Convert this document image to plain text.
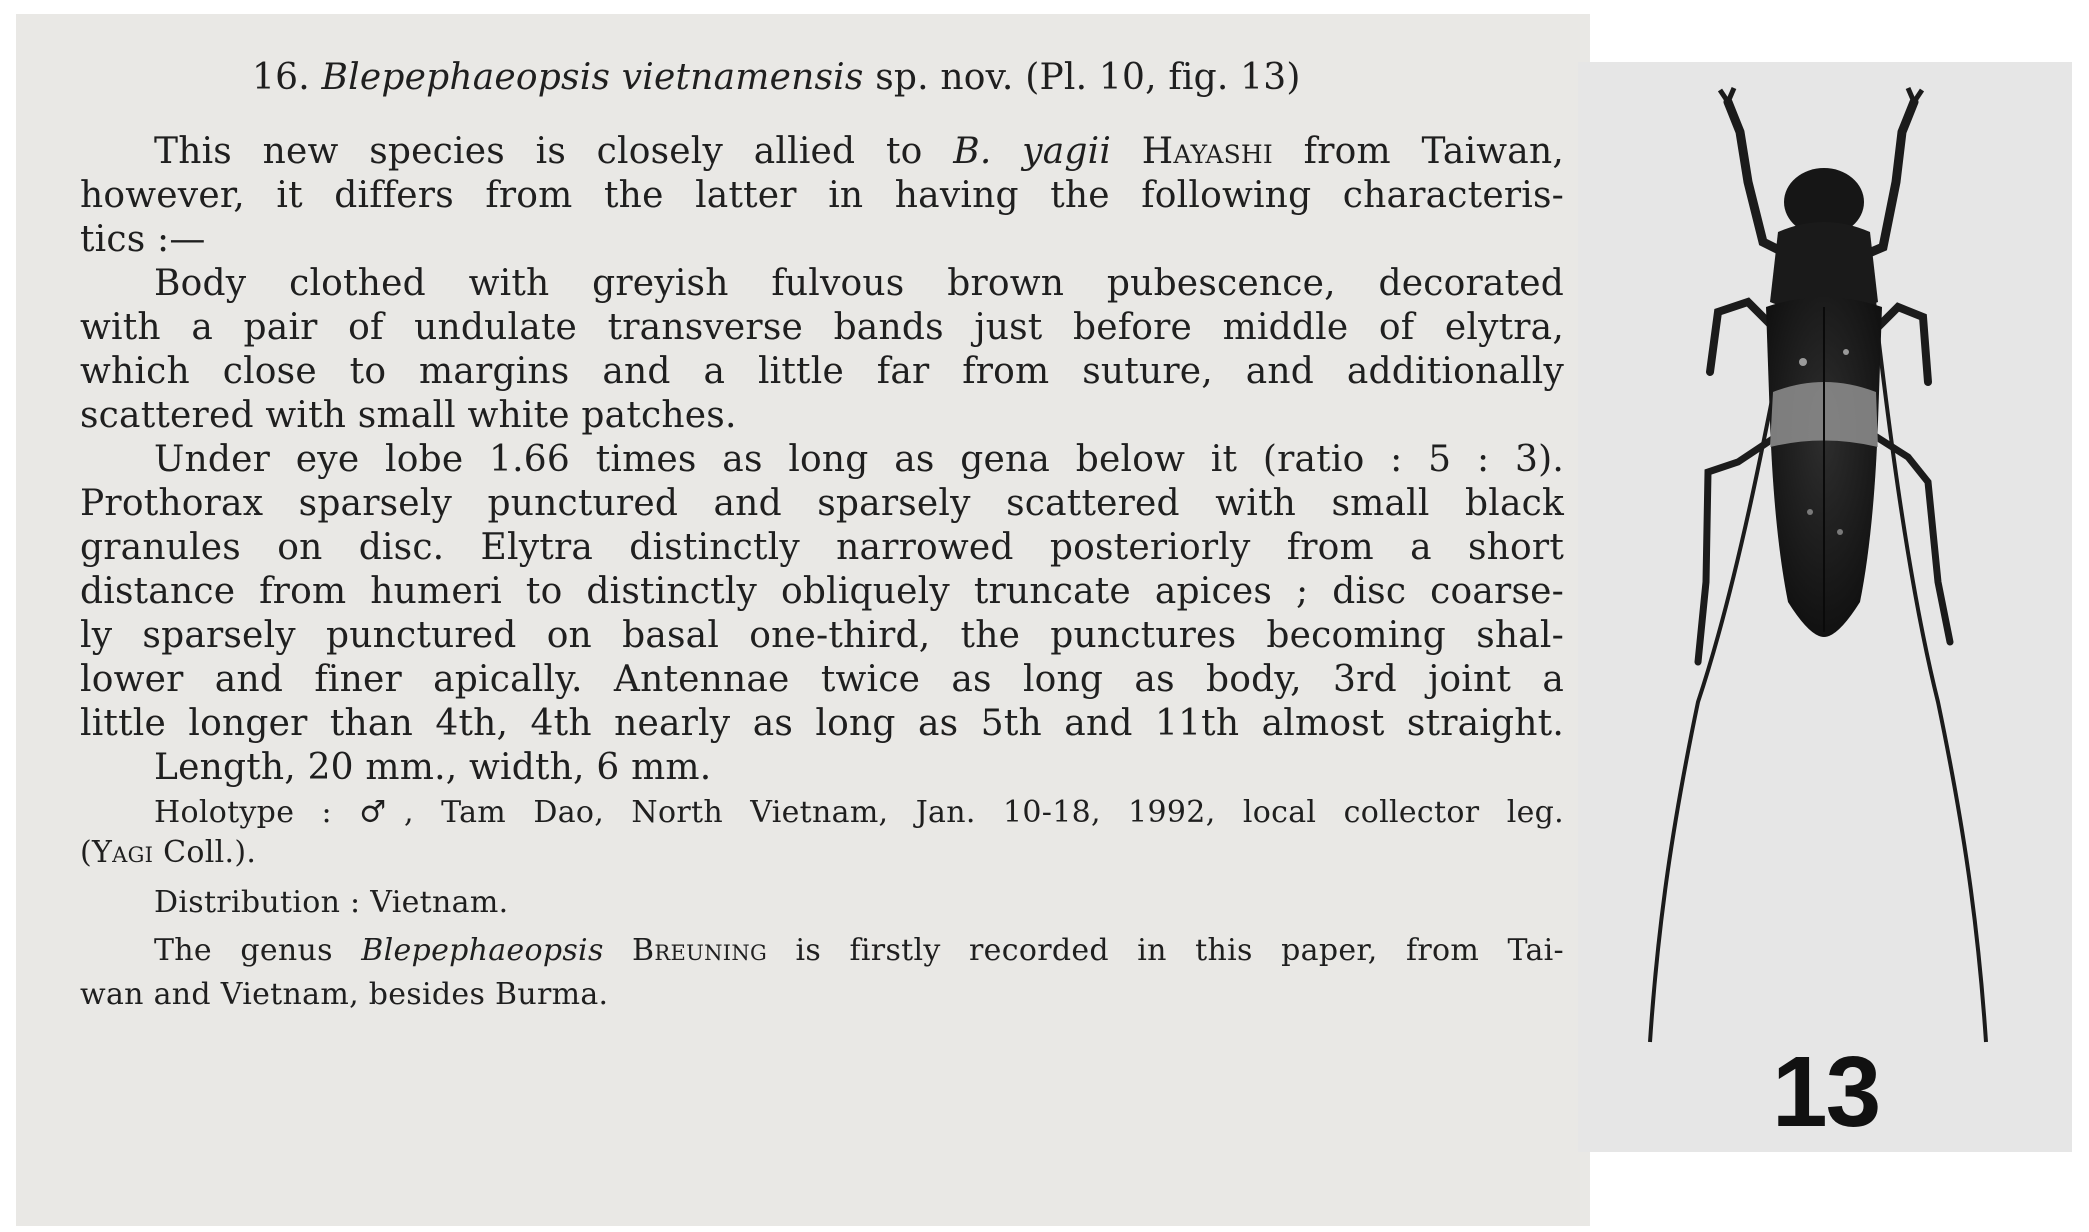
16. Blepephaeopsis vietnamensis sp. nov. (Pl. 10, fig. 13)
This new species is closely allied to B. yagii Hayashi from Taiwan,
however, it differs from the latter in having the following characteris-
tics :—
Body clothed with greyish fulvous brown pubescence, decorated
with a pair of undulate transverse bands just before middle of elytra,
which close to margins and a little far from suture, and additionally
scattered with small white patches.
Under eye lobe 1.66 times as long as gena below it (ratio : 5 : 3).
Prothorax sparsely punctured and sparsely scattered with small black
granules on disc. Elytra distinctly narrowed posteriorly from a short
distance from humeri to distinctly obliquely truncate apices ; disc coarse-
ly sparsely punctured on basal one-third, the punctures becoming shal-
lower and finer apically. Antennae twice as long as body, 3rd joint a
little longer than 4th, 4th nearly as long as 5th and 11th almost straight.
Length, 20 mm., width, 6 mm.
Holotype : ♂, Tam Dao, North Vietnam, Jan. 10-18, 1992, local collector leg.
(Yagi Coll.).
Distribution : Vietnam.
The genus Blepephaeopsis Breuning is firstly recorded in this paper, from Tai-
wan and Vietnam, besides Burma.
13
